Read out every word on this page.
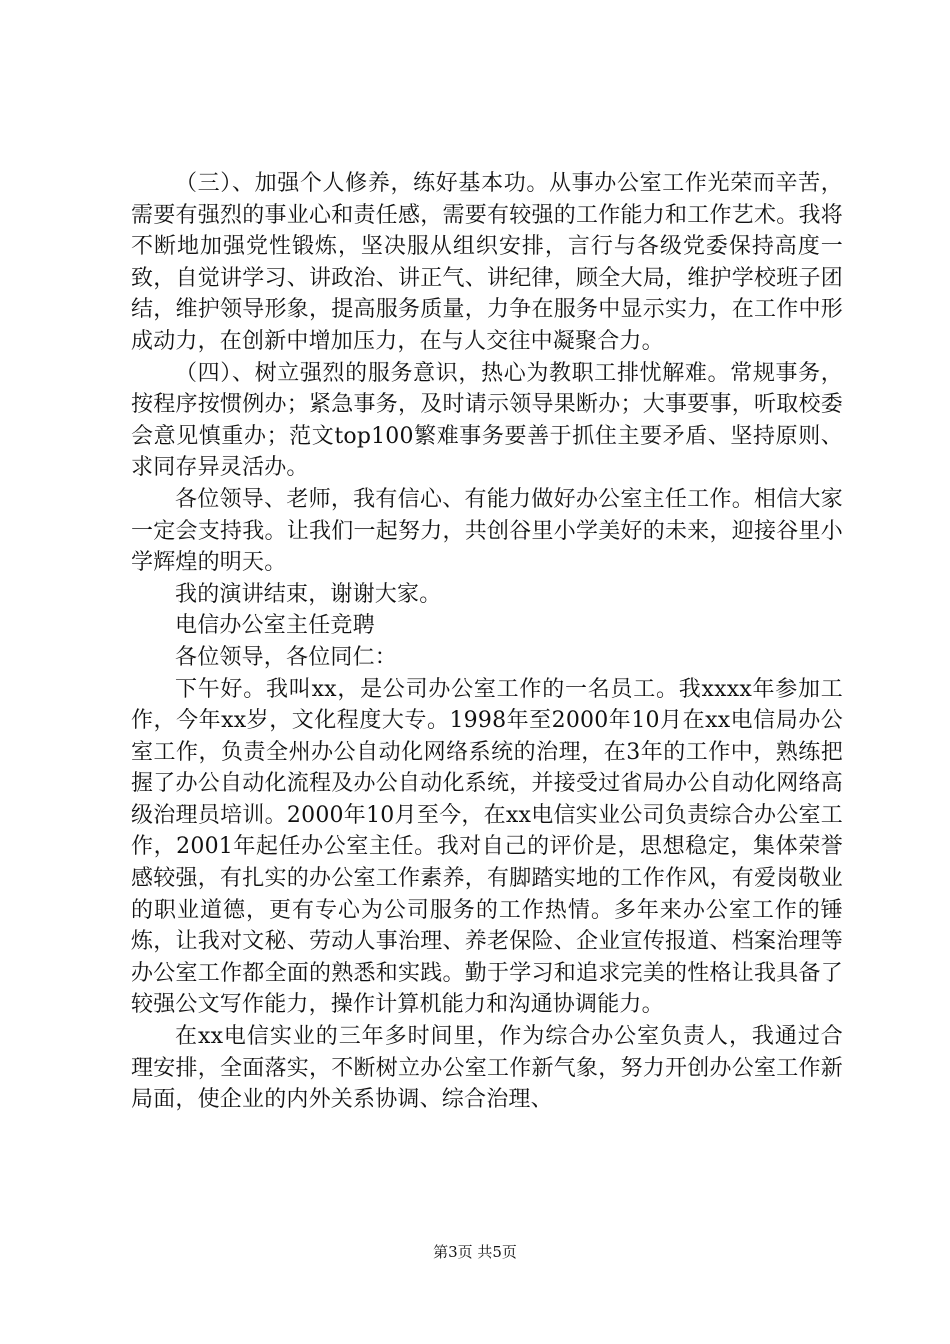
（三）、加强个人修养，练好基本功。从事办公室工作光荣而辛苦，需要有强烈的事业心和责任感，需要有较强的工作能力和工作艺术。我将不断地加强党性锻炼，坚决服从组织安排，言行与各级党委保持高度一致，自觉讲学习、讲政治、讲正气、讲纪律，顾全大局，维护学校班子团结，维护领导形象，提高服务质量，力争在服务中显示实力，在工作中形成动力，在创新中增加压力，在与人交往中凝聚合力。

（四）、树立强烈的服务意识，热心为教职工排忧解难。常规事务，按程序按惯例办；紧急事务，及时请示领导果断办；大事要事，听取校委会意见慎重办；范文top100繁难事务要善于抓住主要矛盾、坚持原则、求同存异灵活办。

各位领导、老师，我有信心、有能力做好办公室主任工作。相信大家一定会支持我。让我们一起努力，共创谷里小学美好的未来，迎接谷里小学辉煌的明天。

我的演讲结束，谢谢大家。

电信办公室主任竞聘

各位领导，各位同仁：

下午好。我叫xx，是公司办公室工作的一名员工。我xxxx年参加工作，今年xx岁，文化程度大专。1998年至2000年10月在xx电信局办公室工作，负责全州办公自动化网络系统的治理，在3年的工作中，熟练把握了办公自动化流程及办公自动化系统，并接受过省局办公自动化网络高级治理员培训。2000年10月至今，在xx电信实业公司负责综合办公室工作，2001年起任办公室主任。我对自己的评价是，思想稳定，集体荣誉感较强，有扎实的办公室工作素养，有脚踏实地的工作作风，有爱岗敬业的职业道德，更有专心为公司服务的工作热情。多年来办公室工作的锤炼，让我对文秘、劳动人事治理、养老保险、企业宣传报道、档案治理等办公室工作都全面的熟悉和实践。勤于学习和追求完美的性格让我具备了较强公文写作能力，操作计算机能力和沟通协调能力。

在xx电信实业的三年多时间里，作为综合办公室负责人，我通过合理安排，全面落实，不断树立办公室工作新气象，努力开创办公室工作新局面，使企业的内外关系协调、综合治理、

第3页 共5页
